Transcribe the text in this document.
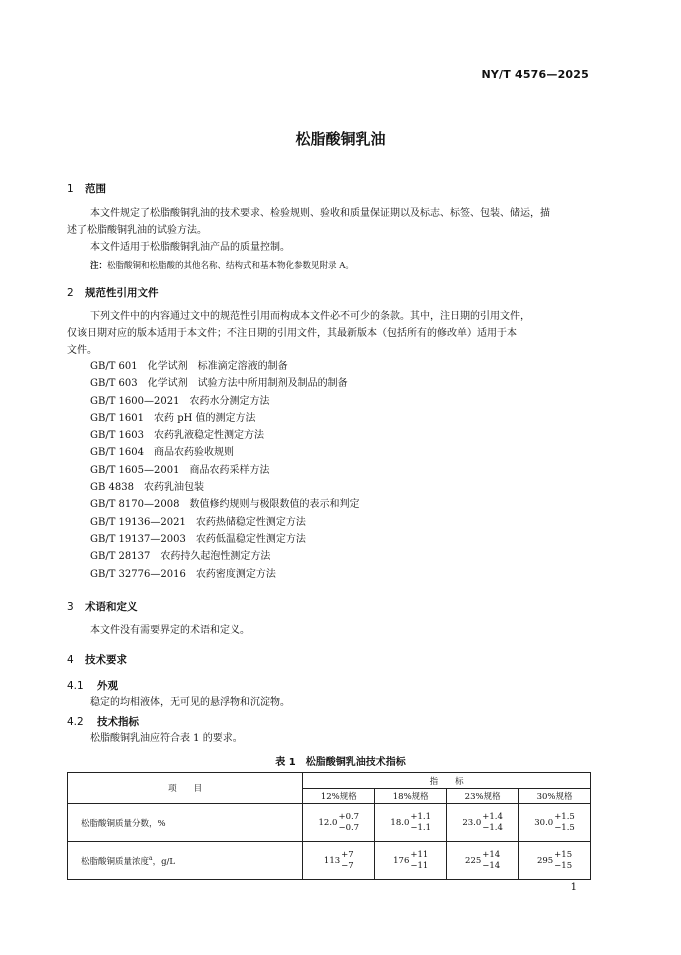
NY/T 4576—2025
松脂酸铜乳油
1 范围
本文件规定了松脂酸铜乳油的技术要求、检验规则、验收和质量保证期以及标志、标签、包装、储运，描
述了松脂酸铜乳油的试验方法。
本文件适用于松脂酸铜乳油产品的质量控制。
注：松脂酸铜和松脂酸的其他名称、结构式和基本物化参数见附录 A。
2 规范性引用文件
下列文件中的内容通过文中的规范性引用而构成本文件必不可少的条款。其中，注日期的引用文件，
仅该日期对应的版本适用于本文件；不注日期的引用文件，其最新版本（包括所有的修改单）适用于本
文件。
GB/T 601 化学试剂　标准滴定溶液的制备
GB/T 603 化学试剂　试验方法中所用制剂及制品的制备
GB/T 1600—2021 农药水分测定方法
GB/T 1601 农药 pH 值的测定方法
GB/T 1603 农药乳液稳定性测定方法
GB/T 1604 商品农药验收规则
GB/T 1605—2001 商品农药采样方法
GB 4838 农药乳油包装
GB/T 8170—2008 数值修约规则与极限数值的表示和判定
GB/T 19136—2021 农药热储稳定性测定方法
GB/T 19137—2003 农药低温稳定性测定方法
GB/T 28137 农药持久起泡性测定方法
GB/T 32776—2016 农药密度测定方法
3 术语和定义
本文件没有需要界定的术语和定义。
4 技术要求
4.1 外观
稳定的均相液体，无可见的悬浮物和沉淀物。
4.2 技术指标
松脂酸铜乳油应符合表 1 的要求。
表 1　松脂酸铜乳油技术指标
项　　目	指　　标			
	12%规格	18%规格	23%规格	30%规格
松脂酸铜质量分数，%	12.0
+0.7
−0.7	18.0
+1.1
−1.1	23.0
+1.4
−1.4	30.0
+1.5
−1.5

松脂酸铜质量浓度$^a$，g/L	113
+7
−7	176
+11
−11	225
+14
−14	295
+15
−15
1
